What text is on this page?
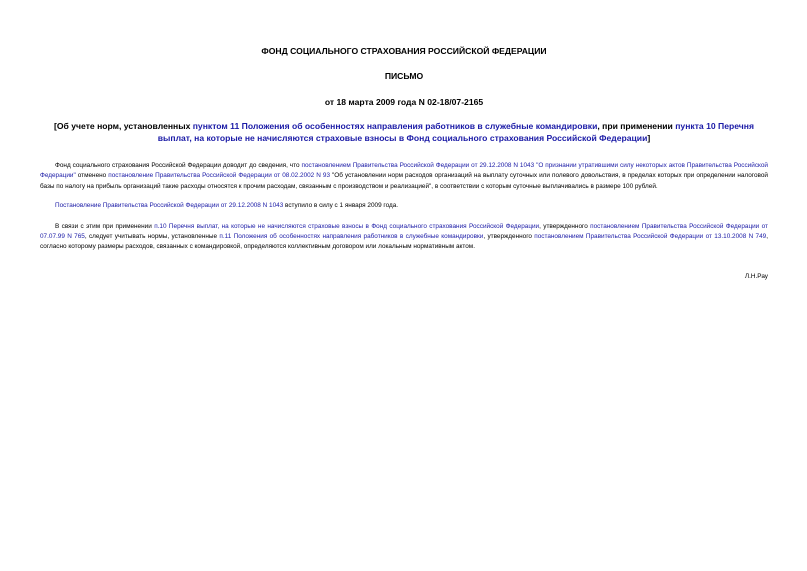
ФОНД СОЦИАЛЬНОГО СТРАХОВАНИЯ РОССИЙСКОЙ ФЕДЕРАЦИИ

ПИСЬМО

от 18 марта 2009 года N 02-18/07-2165

[Об учете норм, установленных пунктом 11 Положения об особенностях направления работников в служебные командировки, при применении пункта 10 Перечня выплат, на которые не начисляются страховые взносы в Фонд социального страхования Российской Федерации]

Фонд социального страхования Российской Федерации доводит до сведения, что постановлением Правительства Российской Федерации от 29.12.2008 N 1043 "О признании утратившими силу некоторых актов Правительства Российской Федерации" отменено постановление Правительства Российской Федерации от 08.02.2002 N 93 "Об установлении норм расходов организаций на выплату суточных или полевого довольствия, в пределах которых при определении налоговой базы по налогу на прибыль организаций такие расходы относятся к прочим расходам, связанным с производством и реализацией", в соответствии с которым суточные выплачивались в размере 100 рублей.

Постановление Правительства Российской Федерации от 29.12.2008 N 1043 вступило в силу с 1 января 2009 года.

В связи с этим при применении п.10 Перечня выплат, на которые не начисляются страховые взносы в Фонд социального страхования Российской Федерации, утвержденного постановлением Правительства Российской Федерации от 07.07.99 N 765, следует учитывать нормы, установленные п.11 Положения об особенностях направления работников в служебные командировки, утвержденного постановлением Правительства Российской Федерации от 13.10.2008 N 749, согласно которому размеры расходов, связанных с командировкой, определяются коллективным договором или локальным нормативным актом.

Л.Н.Рау
